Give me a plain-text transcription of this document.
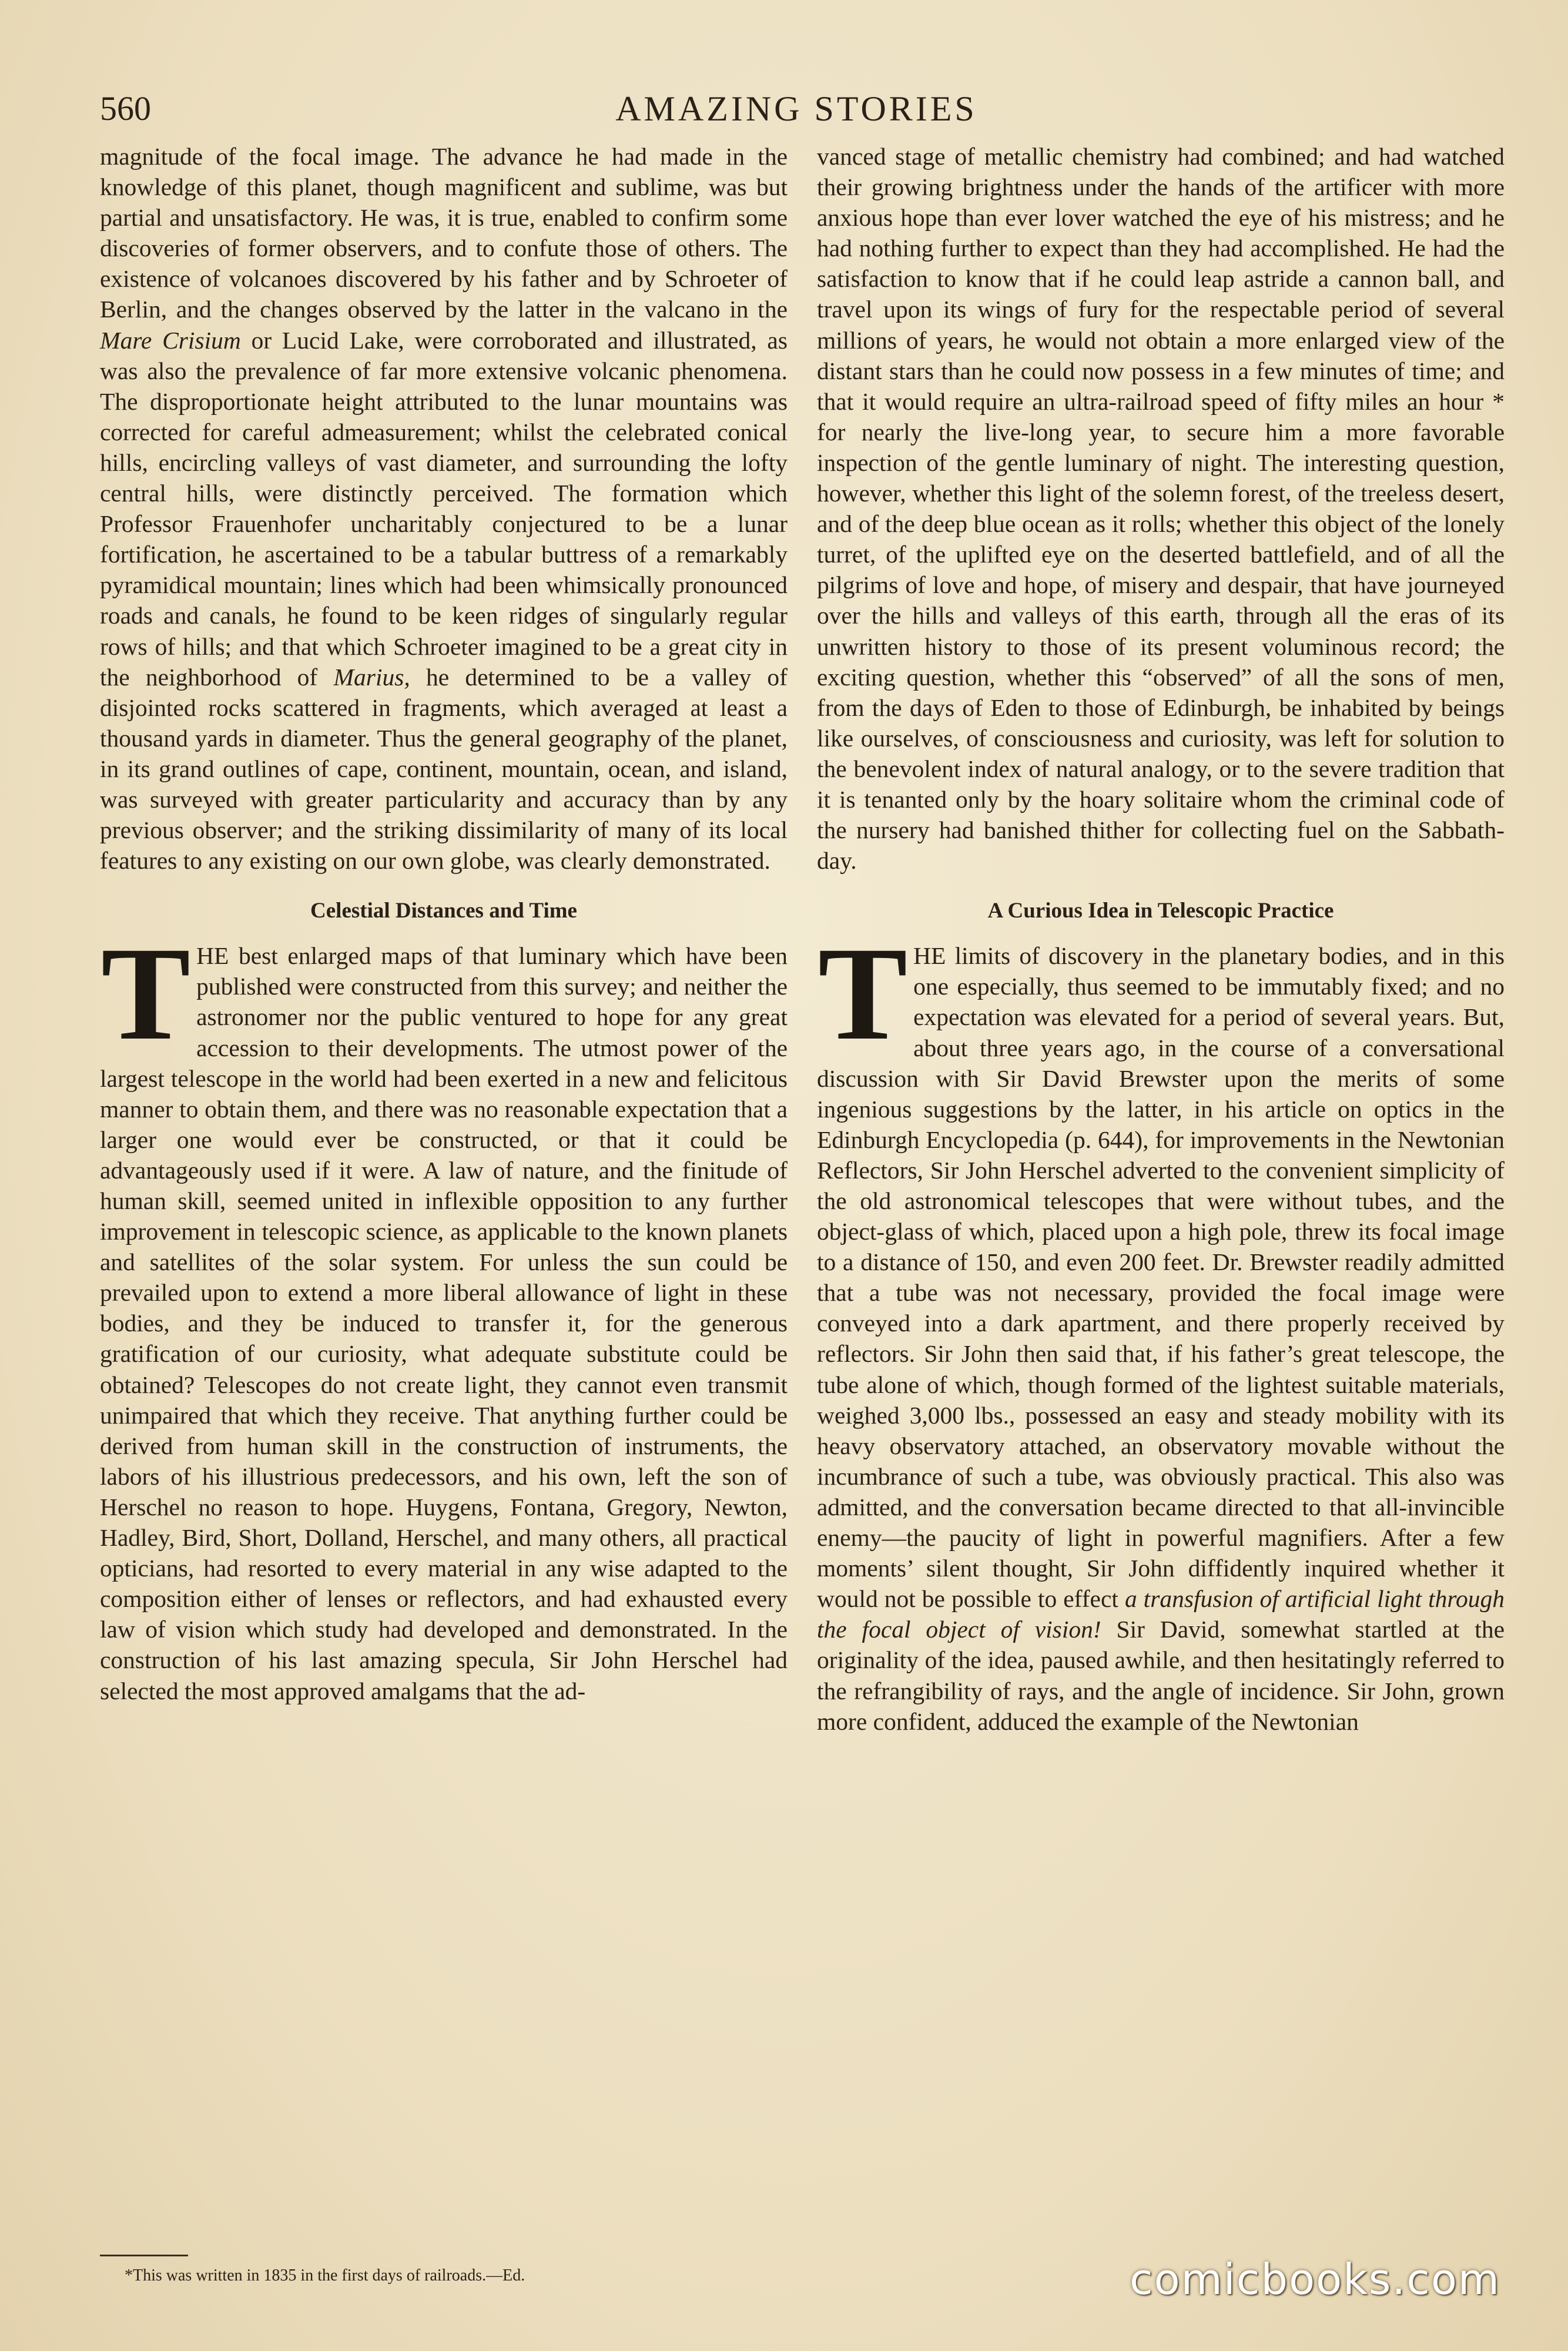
560	AMAZING STORIES

magnitude of the focal image. The advance he had made in the knowledge of this planet, though magnificent and sublime, was but partial and unsatisfactory. He was, it is true, enabled to confirm some discoveries of former observers, and to confute those of others. The existence of volcanoes discovered by his father and by Schroeter of Berlin, and the changes observed by the latter in the valcano in the Mare Crisium or Lucid Lake, were corroborated and illustrated, as was also the prevalence of far more extensive volcanic phenomena. The disproportionate height attributed to the lunar mountains was corrected for careful admeasurement; whilst the celebrated conical hills, encircling valleys of vast diameter, and surrounding the lofty central hills, were distinctly perceived. The formation which Professor Frauenhofer uncharitably conjectured to be a lunar fortification, he ascertained to be a tabular buttress of a remarkably pyramidical mountain; lines which had been whimsically pronounced roads and canals, he found to be keen ridges of singularly regular rows of hills; and that which Schroeter imagined to be a great city in the neighborhood of Marius, he determined to be a valley of disjointed rocks scattered in fragments, which averaged at least a thousand yards in diameter. Thus the general geography of the planet, in its grand outlines of cape, continent, mountain, ocean, and island, was surveyed with greater particularity and accuracy than by any previous observer; and the striking dissimilarity of many of its local features to any existing on our own globe, was clearly demonstrated.

Celestial Distances and Time

THE best enlarged maps of that luminary which have been published were constructed from this survey; and neither the astronomer nor the public ventured to hope for any great accession to their developments. The utmost power of the largest telescope in the world had been exerted in a new and felicitous manner to obtain them, and there was no reasonable expectation that a larger one would ever be constructed, or that it could be advantageously used if it were. A law of nature, and the finitude of human skill, seemed united in inflexible opposition to any further improvement in telescopic science, as applicable to the known planets and satellites of the solar system. For unless the sun could be prevailed upon to extend a more liberal allowance of light in these bodies, and they be induced to transfer it, for the generous gratification of our curiosity, what adequate substitute could be obtained? Telescopes do not create light, they cannot even transmit unimpaired that which they receive. That anything further could be derived from human skill in the construction of instruments, the labors of his illustrious predecessors, and his own, left the son of Herschel no reason to hope. Huygens, Fontana, Gregory, Newton, Hadley, Bird, Short, Dolland, Herschel, and many others, all practical opticians, had resorted to every material in any wise adapted to the composition either of lenses or reflectors, and had exhausted every law of vision which study had developed and demonstrated. In the construction of his last amazing specula, Sir John Herschel had selected the most approved amalgams that the ad-

vanced stage of metallic chemistry had combined; and had watched their growing brightness under the hands of the artificer with more anxious hope than ever lover watched the eye of his mistress; and he had nothing further to expect than they had accomplished. He had the satisfaction to know that if he could leap astride a cannon ball, and travel upon its wings of fury for the respectable period of several millions of years, he would not obtain a more enlarged view of the distant stars than he could now possess in a few minutes of time; and that it would require an ultra-railroad speed of fifty miles an hour * for nearly the live-long year, to secure him a more favorable inspection of the gentle luminary of night. The interesting question, however, whether this light of the solemn forest, of the treeless desert, and of the deep blue ocean as it rolls; whether this object of the lonely turret, of the uplifted eye on the deserted battlefield, and of all the pilgrims of love and hope, of misery and despair, that have journeyed over the hills and valleys of this earth, through all the eras of its unwritten history to those of its present voluminous record; the exciting question, whether this “observed” of all the sons of men, from the days of Eden to those of Edinburgh, be inhabited by beings like ourselves, of consciousness and curiosity, was left for solution to the benevolent index of natural analogy, or to the severe tradition that it is tenanted only by the hoary solitaire whom the criminal code of the nursery had banished thither for collecting fuel on the Sabbath-day.

A Curious Idea in Telescopic Practice

THE limits of discovery in the planetary bodies, and in this one especially, thus seemed to be immutably fixed; and no expectation was elevated for a period of several years. But, about three years ago, in the course of a conversational discussion with Sir David Brewster upon the merits of some ingenious suggestions by the latter, in his article on optics in the Edinburgh Encyclopedia (p. 644), for improvements in the Newtonian Reflectors, Sir John Herschel adverted to the convenient simplicity of the old astronomical telescopes that were without tubes, and the object-glass of which, placed upon a high pole, threw its focal image to a distance of 150, and even 200 feet. Dr. Brewster readily admitted that a tube was not necessary, provided the focal image were conveyed into a dark apartment, and there properly received by reflectors. Sir John then said that, if his father’s great telescope, the tube alone of which, though formed of the lightest suitable materials, weighed 3,000 lbs., possessed an easy and steady mobility with its heavy observatory attached, an observatory movable without the incumbrance of such a tube, was obviously practical. This also was admitted, and the conversation became directed to that all-invincible enemy—the paucity of light in powerful magnifiers. After a few moments’ silent thought, Sir John diffidently inquired whether it would not be possible to effect a transfusion of artificial light through the focal object of vision! Sir David, somewhat startled at the originality of the idea, paused awhile, and then hesitatingly referred to the refrangibility of rays, and the angle of incidence. Sir John, grown more confident, adduced the example of the Newtonian

*This was written in 1835 in the first days of railroads.—Ed.	comicbooks.com
